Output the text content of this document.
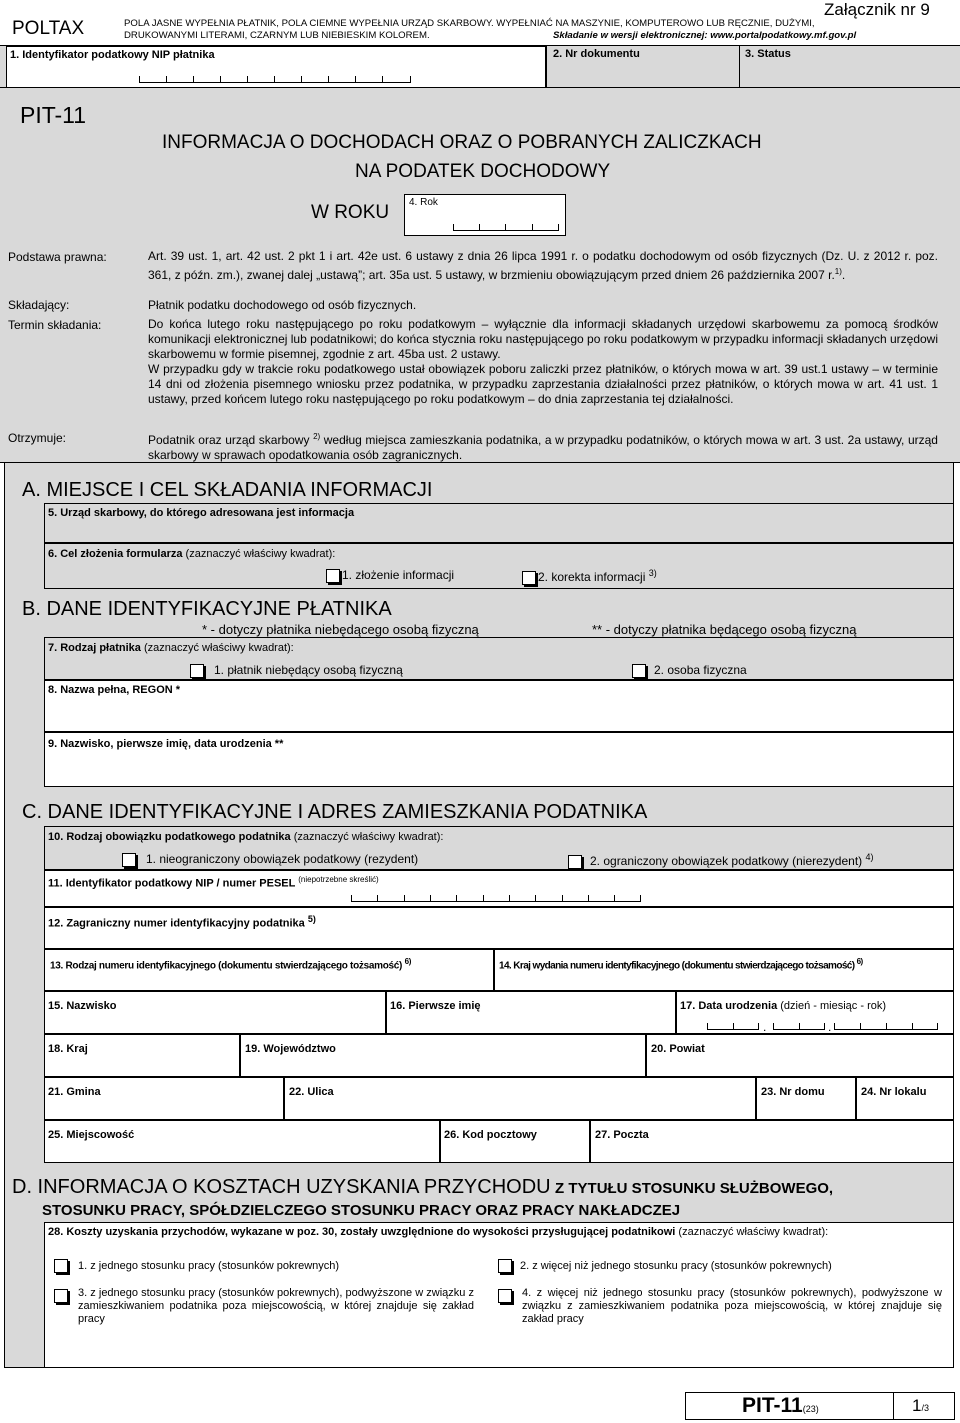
POLTAX
Załącznik nr 9
POLA JASNE WYPEŁNIA PŁATNIK, POLA CIEMNE WYPEŁNIA URZĄD SKARBOWY. WYPEŁNIAĆ NA MASZYNIE, KOMPUTEROWO LUB RĘCZNIE, DUŻYMI,
DRUKOWANYMI LITERAMI, CZARNYM LUB NIEBIESKIM KOLOREM.	Składanie w wersji elektronicznej: www.portalpodatkowy.mf.gov.pl
1. Identyfikator podatkowy NIP płatnika	2. Nr dokumentu	3. Status
PIT-11
INFORMACJA O DOCHODACH ORAZ O POBRANYCH ZALICZKACH
NA PODATEK DOCHODOWY
W ROKU 4. Rok
Podstawa prawna:	Art. 39 ust. 1, art. 42 ust. 2 pkt 1 i art. 42e ust. 6 ustawy z dnia 26 lipca 1991 r. o podatku dochodowym od osób fizycznych (Dz. U. z 2012 r. poz. 361, z późn. zm.), zwanej dalej „ustawą”; art. 35a ust. 5 ustawy, w brzmieniu obowiązującym przed dniem 26 października 2007 r.$^{1)}$.

Składający:	Płatnik podatku dochodowego od osób fizycznych.
Termin składania:	Do końca lutego roku następującego po roku podatkowym – wyłącznie dla informacji składanych urzędowi skarbowemu za pomocą środków komunikacji elektronicznej lub podatnikowi; do końca stycznia roku następującego po roku podatkowym w przypadku informacji składanych urzędowi skarbowemu w formie pisemnej, zgodnie z art. 45ba ust. 2 ustawy.

W przypadku gdy w trakcie roku podatkowego ustał obowiązek poboru zaliczki przez płatników, o których mowa w art. 39 ust.1 ustawy – w terminie 14 dni od złożenia pisemnego wniosku przez podatnika, w przypadku zaprzestania działalności przez płatników, o których mowa w art. 41 ust. 1 ustawy, przed końcem lutego roku następującego po roku podatkowym – do dnia zaprzestania tej działalności.

Otrzymuje:	Podatnik oraz urząd skarbowy $^{2)}$ według miejsca zamieszkania podatnika, a w przypadku podatników, o których mowa w art. 3 ust. 2a ustawy, urząd skarbowy w sprawach opodatkowania osób zagranicznych.

A. MIEJSCE I CEL SKŁADANIA INFORMACJI
5. Urząd skarbowy, do którego adresowana jest informacja
6. Cel złożenia formularza (zaznaczyć właściwy kwadrat):
1. złożenie informacji	2. korekta informacji $^{3)}$
B. DANE IDENTYFIKACYJNE PŁATNIKA
* - dotyczy płatnika niebędącego osobą fizyczną	** - dotyczy płatnika będącego osobą fizyczną
7. Rodzaj płatnika (zaznaczyć właściwy kwadrat):
1. płatnik niebędący osobą fizyczną	2. osoba fizyczna
8. Nazwa pełna, REGON *
9. Nazwisko, pierwsze imię, data urodzenia **
C. DANE IDENTYFIKACYJNE I ADRES ZAMIESZKANIA PODATNIKA
10. Rodzaj obowiązku podatkowego podatnika (zaznaczyć właściwy kwadrat):
1. nieograniczony obowiązek podatkowy (rezydent)	2. ograniczony obowiązek podatkowy (nierezydent) $^{4)}$
11. Identyfikator podatkowy NIP / numer PESEL $^{(niepotrzebne skreślić)}$
12. Zagraniczny numer identyfikacyjny podatnika $^{5)}$
13. Rodzaj numeru identyfikacyjnego (dokumentu stwierdzającego tożsamość) $^{6)}$	14. Kraj wydania numeru identyfikacyjnego (dokumentu stwierdzającego tożsamość) $^{6)}$
15. Nazwisko	16. Pierwsze imię	17. Data urodzenia (dzień - miesiąc - rok)
.	.
18. Kraj	19. Województwo	20. Powiat
21. Gmina	22. Ulica	23. Nr domu	24. Nr lokalu
25. Miejscowość	26. Kod pocztowy	27. Poczta
D. INFORMACJA O KOSZTACH UZYSKANIA PRZYCHODU Z TYTUŁU STOSUNKU SŁUŻBOWEGO,
STOSUNKU PRACY, SPÓŁDZIELCZEGO STOSUNKU PRACY ORAZ PRACY NAKŁADCZEJ
28. Koszty uzyskania przychodów, wykazane w poz. 30, zostały uwzględnione do wysokości przysługującej podatnikowi (zaznaczyć właściwy kwadrat):
1. z jednego stosunku pracy (stosunków pokrewnych)	2. z więcej niż jednego stosunku pracy (stosunków pokrewnych)

3. z jednego stosunku pracy (stosunków pokrewnych), podwyższone w związku z zamieszkiwaniem podatnika poza miejscowością, w której znajduje się zakład pracy

4. z więcej niż jednego stosunku pracy (stosunków pokrewnych), podwyższone w związku z zamieszkiwaniem podatnika poza miejscowością, w której znajduje się zakład pracy

PIT-11(23)	1/3
